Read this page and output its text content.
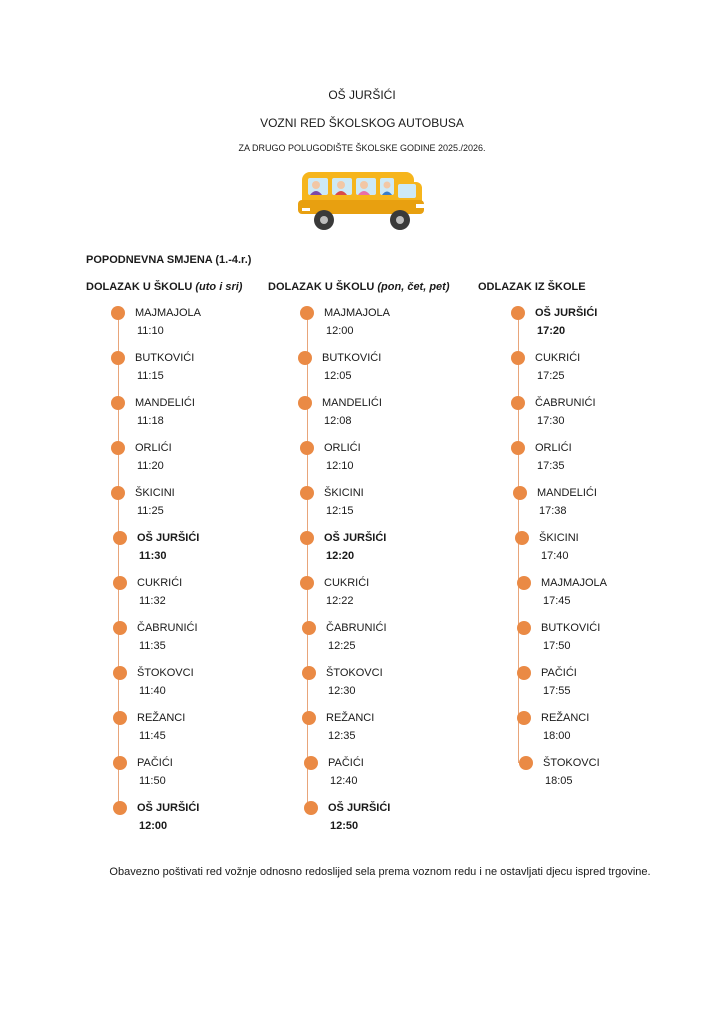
OŠ JURŠIĆI
VOZNI RED ŠKOLSKOG AUTOBUSA
ZA DRUGO POLUGODIŠTE ŠKOLSKE GODINE 2025./2026.
POPODNEVNA SMJENA (1.-4.r.)
DOLAZAK U ŠKOLU (uto i sri) DOLAZAK U ŠKOLU (pon, čet, pet)	ODLAZAK IZ ŠKOLE
MAJMAJOLA
11:10
BUTKOVIĆI
11:15
MANDELIĆI
11:18
ORLIĆI
11:20
ŠKICINI
11:25
OŠ JURŠIĆI
11:30
CUKRIĆI
11:32
ČABRUNIĆI
11:35
ŠTOKOVCI
11:40
REŽANCI
11:45
PAČIĆI
11:50
OŠ JURŠIĆI
12:00
MAJMAJOLA
12:00
BUTKOVIĆI
12:05
MANDELIĆI
12:08
ORLIĆI
12:10
ŠKICINI
12:15
OŠ JURŠIĆI
12:20
CUKRIĆI
12:22
ČABRUNIĆI
12:25
ŠTOKOVCI
12:30
REŽANCI
12:35
PAČIĆI
12:40
OŠ JURŠIĆI
12:50
OŠ JURŠIĆI
17:20
CUKRIĆI
17:25
ČABRUNIĆI
17:30
ORLIĆI
17:35
MANDELIĆI
17:38
ŠKICINI
17:40
MAJMAJOLA
17:45
BUTKOVIĆI
17:50
PAČIĆI
17:55
REŽANCI
18:00
ŠTOKOVCI
18:05
Obavezno poštivati red vožnje odnosno redoslijed sela prema voznom redu i ne ostavljati djecu ispred trgovine.
